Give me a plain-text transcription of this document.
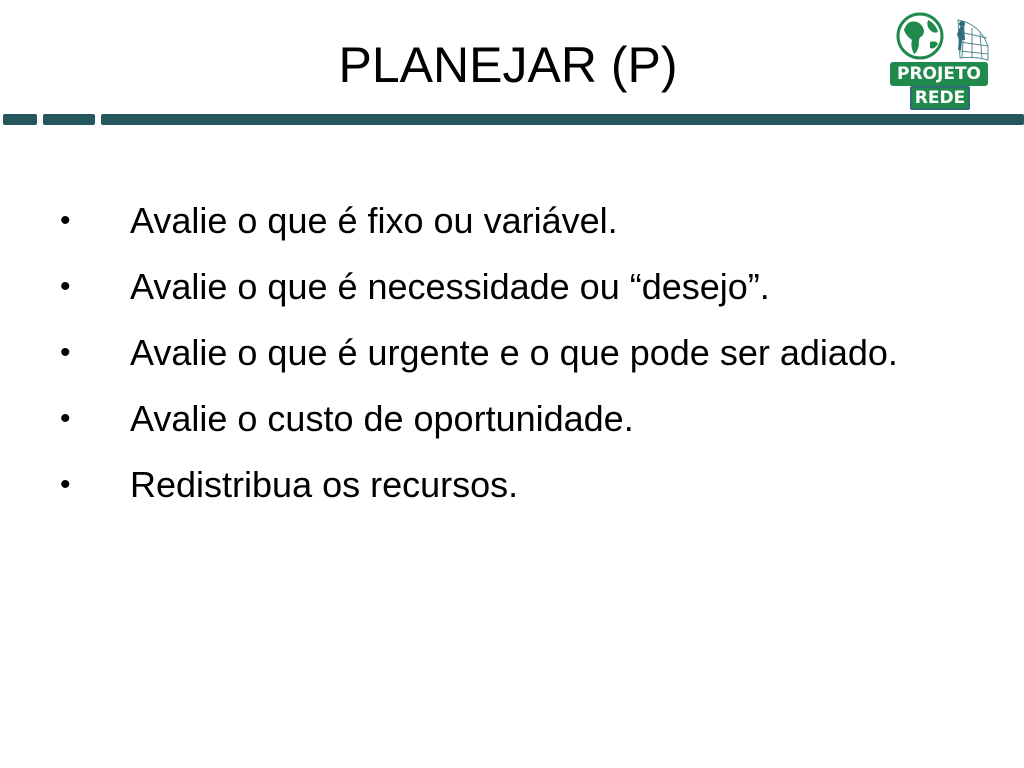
PLANEJAR (P)	PROJETO
REDE
• Avalie o que é fixo ou variável.
• Avalie o que é necessidade ou “desejo”.
• Avalie o que é urgente e o que pode ser adiado.
• Avalie o custo de oportunidade.
• Redistribua os recursos.
